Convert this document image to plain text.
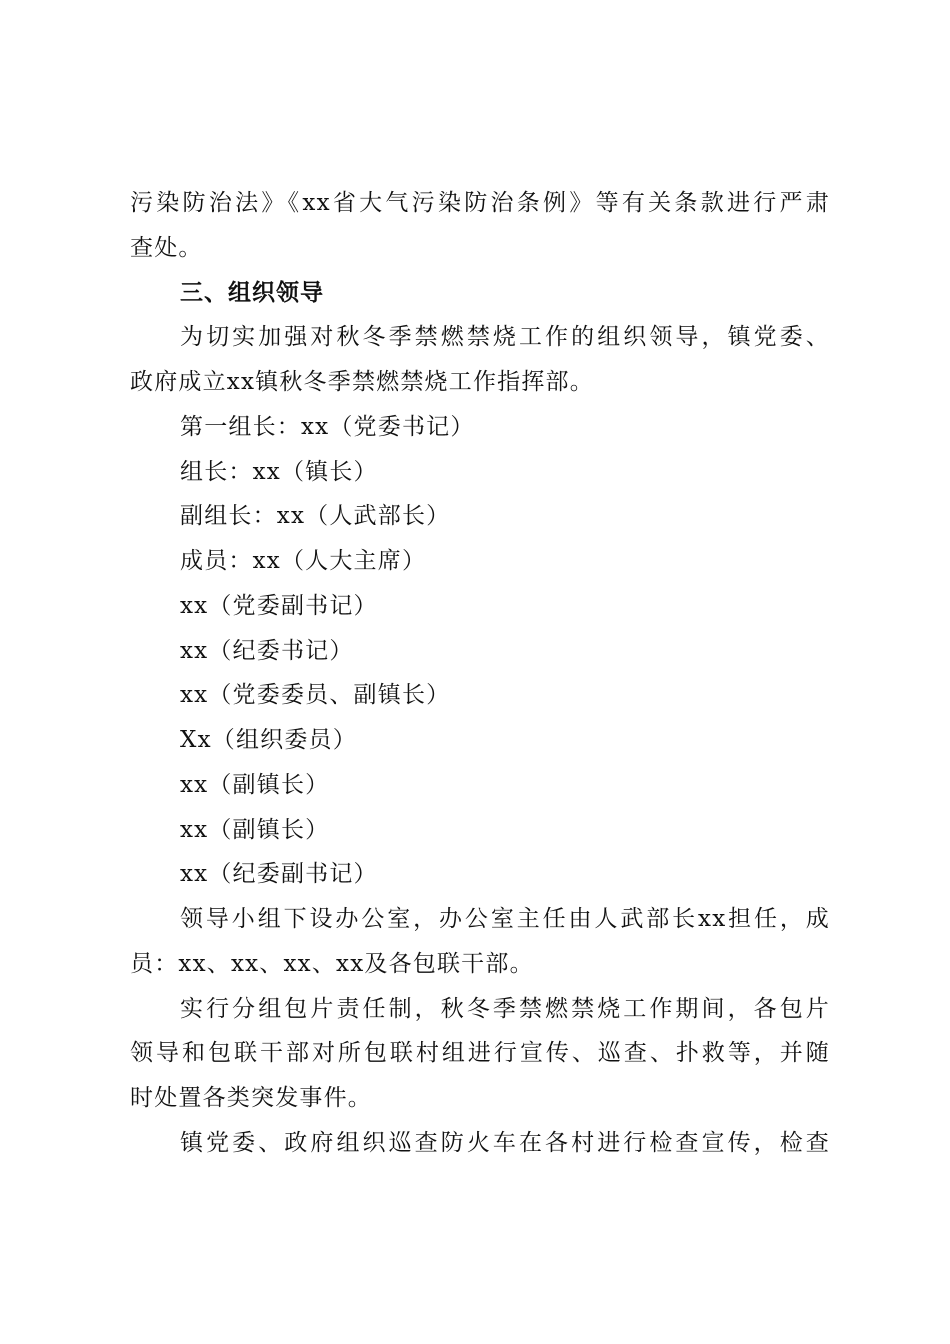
污染防治法》《xx省大气污染防治条例》等有关条款进行严肃
查处。
三、组织领导
为切实加强对秋冬季禁燃禁烧工作的组织领导，镇党委、
政府成立xx镇秋冬季禁燃禁烧工作指挥部。
第一组长：xx（党委书记）
组长：xx（镇长）
副组长：xx（人武部长）
成员：xx（人大主席）
xx（党委副书记）
xx（纪委书记）
xx（党委委员、副镇长）
Xx（组织委员）
xx（副镇长）
xx（副镇长）
xx（纪委副书记）
领导小组下设办公室，办公室主任由人武部长xx担任，成
员：xx、xx、xx、xx及各包联干部。
实行分组包片责任制，秋冬季禁燃禁烧工作期间，各包片
领导和包联干部对所包联村组进行宣传、巡查、扑救等，并随
时处置各类突发事件。
镇党委、政府组织巡查防火车在各村进行检查宣传，检查
